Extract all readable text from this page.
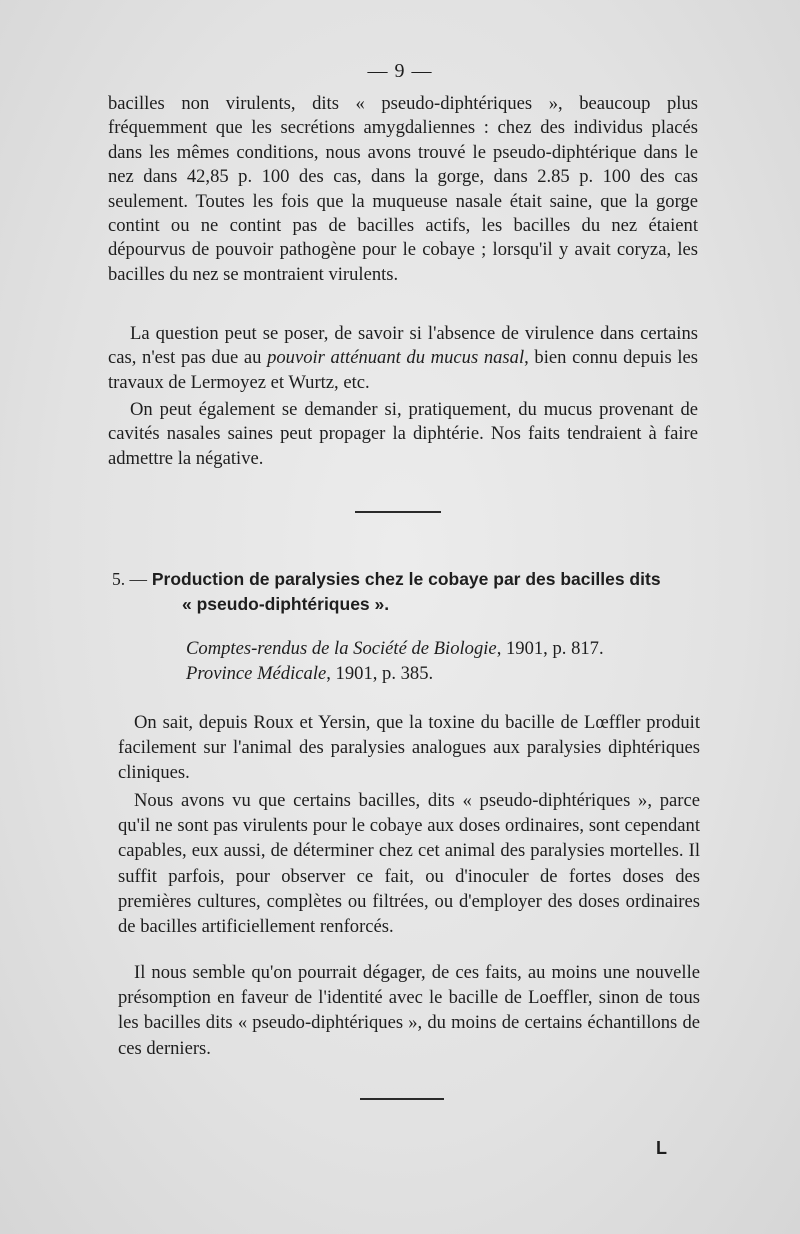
— 9 —

bacilles non virulents, dits « pseudo-diphtériques », beaucoup plus fréquemment que les secrétions amygdaliennes : chez des individus placés dans les mêmes conditions, nous avons trouvé le pseudo-diphtérique dans le nez dans 42,85 p. 100 des cas, dans la gorge, dans 2.85 p. 100 des cas seulement. Toutes les fois que la muqueuse nasale était saine, que la gorge contint ou ne contint pas de bacilles actifs, les bacilles du nez étaient dépourvus de pouvoir pathogène pour le cobaye ; lorsqu'il y avait coryza, les bacilles du nez se montraient virulents.

La question peut se poser, de savoir si l'absence de virulence dans certains cas, n'est pas due au pouvoir atténuant du mucus nasal, bien connu depuis les travaux de Lermoyez et Wurtz, etc.

On peut également se demander si, pratiquement, du mucus provenant de cavités nasales saines peut propager la diphtérie. Nos faits tendraient à faire admettre la négative.

5. — Production de paralysies chez le cobaye par des bacilles dits
« pseudo-diphtériques ».
Comptes-rendus de la Société de Biologie, 1901, p. 817.
Province Médicale, 1901, p. 385.

On sait, depuis Roux et Yersin, que la toxine du bacille de Lœffler produit facilement sur l'animal des paralysies analogues aux paralysies diphtériques cliniques.

Nous avons vu que certains bacilles, dits « pseudo-diphtériques », parce qu'il ne sont pas virulents pour le cobaye aux doses ordinaires, sont cependant capables, eux aussi, de déterminer chez cet animal des paralysies mortelles. Il suffit parfois, pour observer ce fait, ou d'inoculer de fortes doses des premières cultures, complètes ou filtrées, ou d'employer des doses ordinaires de bacilles artificiellement renforcés.

Il nous semble qu'on pourrait dégager, de ces faits, au moins une nouvelle présomption en faveur de l'identité avec le bacille de Loeffler, sinon de tous les bacilles dits « pseudo-diphtériques », du moins de certains échantillons de ces derniers.

L
